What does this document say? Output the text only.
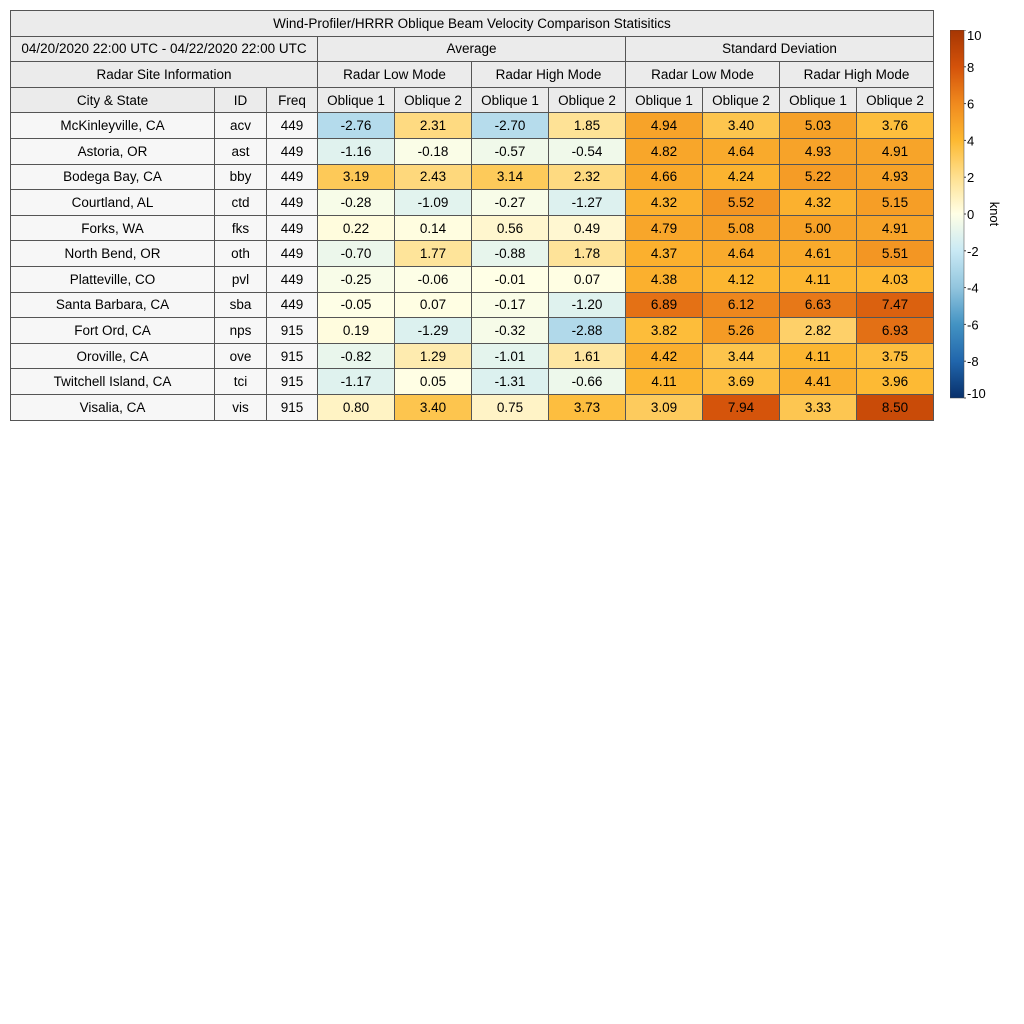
Wind-Profiler/HRRR Oblique Beam Velocity Comparison Statisitics										
04/20/2020 22:00 UTC - 04/22/2020 22:00 UTC			Average				Standard Deviation			
Radar Site Information			Radar Low Mode		Radar High Mode		Radar Low Mode		Radar High Mode	
City & State	ID	Freq	Oblique 1	Oblique 2	Oblique 1	Oblique 2	Oblique 1	Oblique 2	Oblique 1	Oblique 2
McKinleyville, CA	acv	449	-2.76	2.31	-2.70	1.85	4.94	3.40	5.03	3.76
Astoria, OR	ast	449	-1.16	-0.18	-0.57	-0.54	4.82	4.64	4.93	4.91
Bodega Bay, CA	bby	449	3.19	2.43	3.14	2.32	4.66	4.24	5.22	4.93
Courtland, AL	ctd	449	-0.28	-1.09	-0.27	-1.27	4.32	5.52	4.32	5.15
Forks, WA	fks	449	0.22	0.14	0.56	0.49	4.79	5.08	5.00	4.91
North Bend, OR	oth	449	-0.70	1.77	-0.88	1.78	4.37	4.64	4.61	5.51
Platteville, CO	pvl	449	-0.25	-0.06	-0.01	0.07	4.38	4.12	4.11	4.03
Santa Barbara, CA	sba	449	-0.05	0.07	-0.17	-1.20	6.89	6.12	6.63	7.47
Fort Ord, CA	nps	915	0.19	-1.29	-0.32	-2.88	3.82	5.26	2.82	6.93
Oroville, CA	ove	915	-0.82	1.29	-1.01	1.61	4.42	3.44	4.11	3.75
Twitchell Island, CA	tci	915	-1.17	0.05	-1.31	-0.66	4.11	3.69	4.41	3.96
Visalia, CA	vis	915	0.80	3.40	0.75	3.73	3.09	7.94	3.33	8.50
10
8
6
4
2
0
-2
-4
-6
-8
-10
knot
